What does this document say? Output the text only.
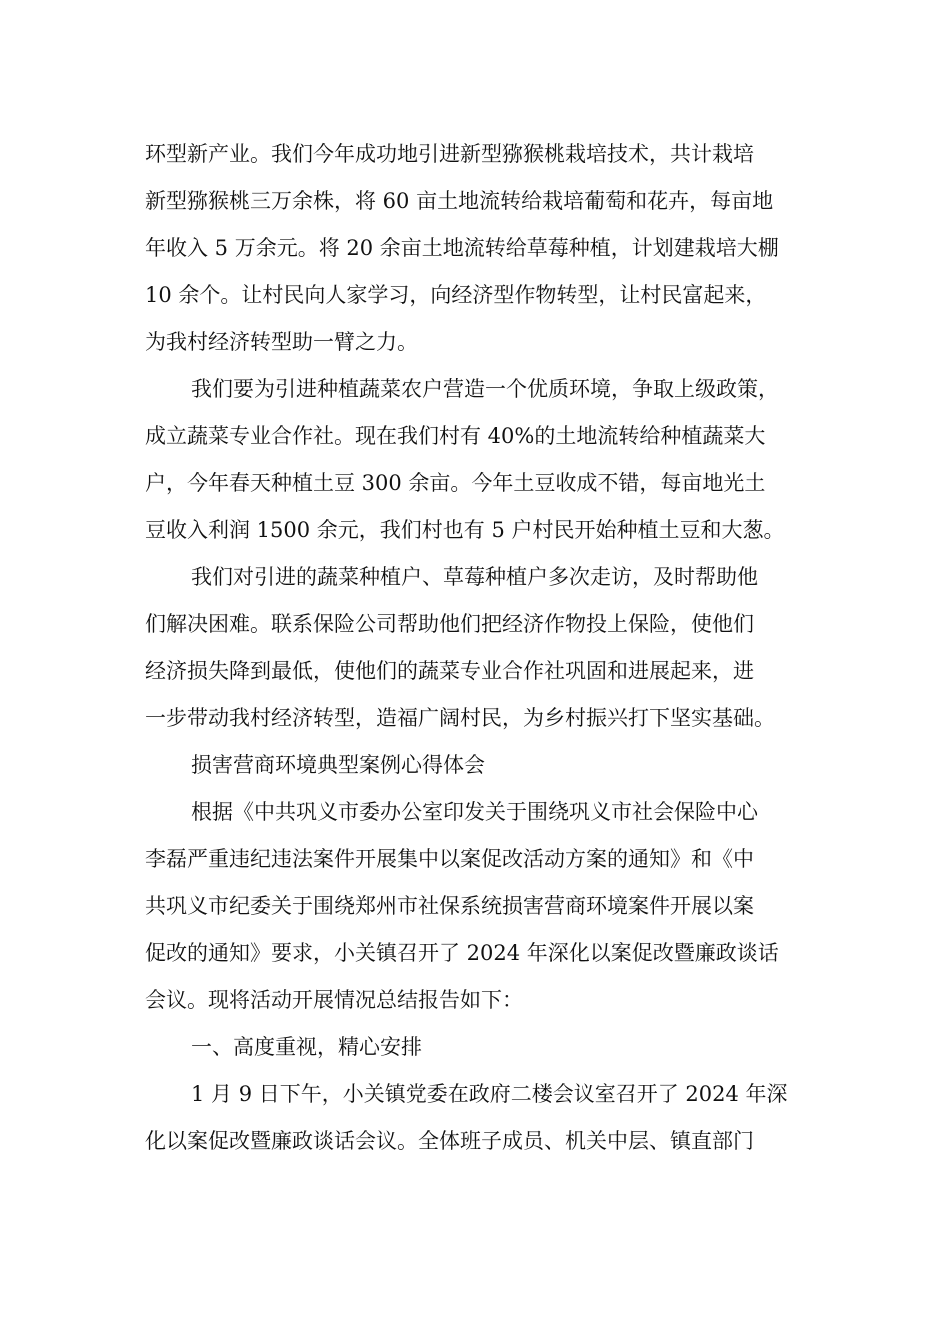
环型新产业。我们今年成功地引进新型猕猴桃栽培技术，共计栽培
新型猕猴桃三万余株，将 60 亩土地流转给栽培葡萄和花卉，每亩地
年收入 5 万余元。将 20 余亩土地流转给草莓种植，计划建栽培大棚
10 余个。让村民向人家学习，向经济型作物转型，让村民富起来，
为我村经济转型助一臂之力。
我们要为引进种植蔬菜农户营造一个优质环境，争取上级政策，
成立蔬菜专业合作社。现在我们村有 40%的土地流转给种植蔬菜大
户，今年春天种植土豆 300 余亩。今年土豆收成不错，每亩地光土
豆收入利润 1500 余元，我们村也有 5 户村民开始种植土豆和大葱。
我们对引进的蔬菜种植户、草莓种植户多次走访，及时帮助他
们解决困难。联系保险公司帮助他们把经济作物投上保险，使他们
经济损失降到最低，使他们的蔬菜专业合作社巩固和进展起来，进
一步带动我村经济转型，造福广阔村民，为乡村振兴打下坚实基础。
损害营商环境典型案例心得体会
根据《中共巩义市委办公室印发关于围绕巩义市社会保险中心
李磊严重违纪违法案件开展集中以案促改活动方案的通知》和《中
共巩义市纪委关于围绕郑州市社保系统损害营商环境案件开展以案
促改的通知》要求，小关镇召开了 2024 年深化以案促改暨廉政谈话
会议。现将活动开展情况总结报告如下：
一、高度重视，精心安排
1 月 9 日下午，小关镇党委在政府二楼会议室召开了 2024 年深
化以案促改暨廉政谈话会议。全体班子成员、机关中层、镇直部门
